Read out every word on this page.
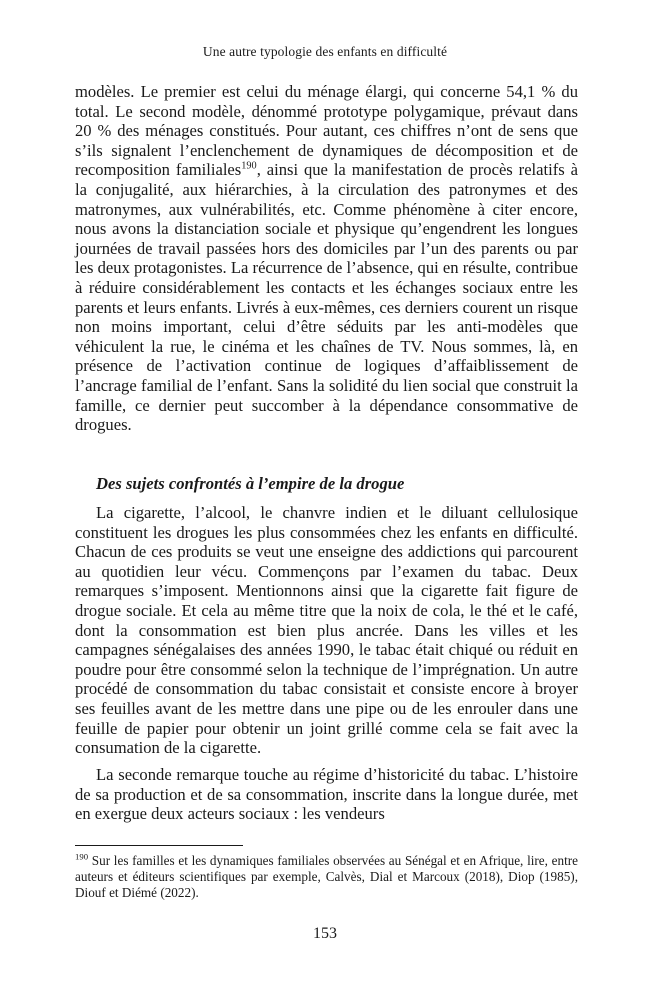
Une autre typologie des enfants en difficulté

modèles. Le premier est celui du ménage élargi, qui concerne 54,1 % du total. Le second modèle, dénommé prototype polygamique, prévaut dans 20 % des ménages constitués. Pour autant, ces chiffres n’ont de sens que s’ils signalent l’enclenchement de dynamiques de décomposition et de recomposition familiales$^{190}$, ainsi que la manifestation de procès relatifs à la conjugalité, aux hiérarchies, à la circulation des patronymes et des matronymes, aux vulnérabilités, etc. Comme phénomène à citer encore, nous avons la distanciation sociale et physique qu’engendrent les longues journées de travail passées hors des domiciles par l’un des parents ou par les deux protagonistes. La récurrence de l’absence, qui en résulte, contribue à réduire considérablement les contacts et les échanges sociaux entre les parents et leurs enfants. Livrés à eux-mêmes, ces derniers courent un risque non moins important, celui d’être séduits par les anti-modèles que véhiculent la rue, le cinéma et les chaînes de TV. Nous sommes, là, en présence de l’activation continue de logiques d’affaiblissement de l’ancrage familial de l’enfant. Sans la solidité du lien social que construit la famille, ce dernier peut succomber à la dépendance consommative de drogues.

Des sujets confrontés à l’empire de la drogue

La cigarette, l’alcool, le chanvre indien et le diluant cellulosique constituent les drogues les plus consommées chez les enfants en difficulté. Chacun de ces produits se veut une enseigne des addictions qui parcourent au quotidien leur vécu. Commençons par l’examen du tabac. Deux remarques s’imposent. Mentionnons ainsi que la cigarette fait figure de drogue sociale. Et cela au même titre que la noix de cola, le thé et le café, dont la consommation est bien plus ancrée. Dans les villes et les campagnes sénégalaises des années 1990, le tabac était chiqué ou réduit en poudre pour être consommé selon la technique de l’imprégnation. Un autre procédé de consommation du tabac consistait et consiste encore à broyer ses feuilles avant de les mettre dans une pipe ou de les enrouler dans une feuille de papier pour obtenir un joint grillé comme cela se fait avec la consumation de la cigarette.

La seconde remarque touche au régime d’historicité du tabac. L’histoire de sa production et de sa consommation, inscrite dans la longue durée, met en exergue deux acteurs sociaux : les vendeurs

$^{190}$ Sur les familles et les dynamiques familiales observées au Sénégal et en Afrique, lire, entre auteurs et éditeurs scientifiques par exemple, Calvès, Dial et Marcoux (2018), Diop (1985), Diouf et Diémé (2022).
153
